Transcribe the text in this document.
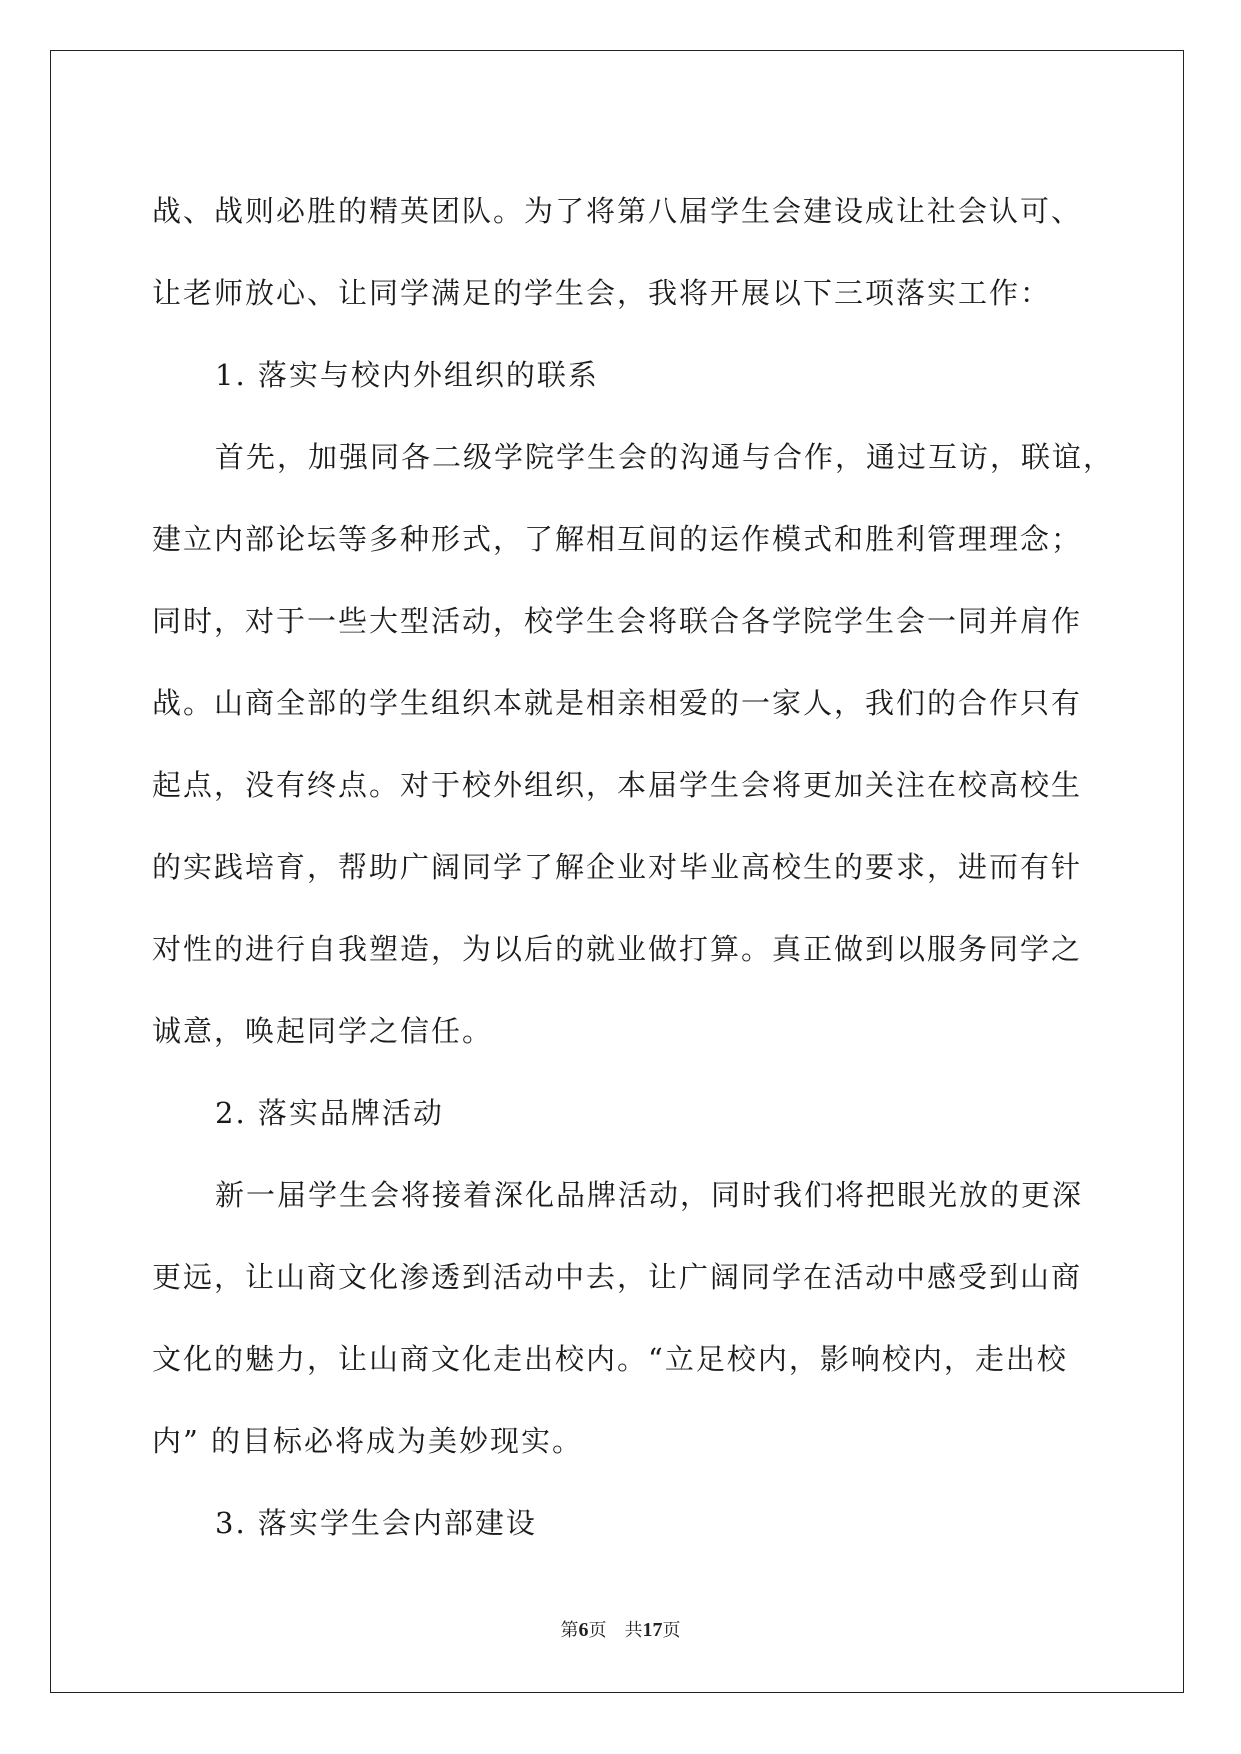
战、战则必胜的精英团队。为了将第八届学生会建设成让社会认可、
让老师放心、让同学满足的学生会，我将开展以下三项落实工作：
1. 落实与校内外组织的联系
首先，加强同各二级学院学生会的沟通与合作，通过互访，联谊，
建立内部论坛等多种形式，了解相互间的运作模式和胜利管理理念；
同时，对于一些大型活动，校学生会将联合各学院学生会一同并肩作
战。山商全部的学生组织本就是相亲相爱的一家人，我们的合作只有
起点，没有终点。对于校外组织，本届学生会将更加关注在校高校生
的实践培育，帮助广阔同学了解企业对毕业高校生的要求，进而有针
对性的进行自我塑造，为以后的就业做打算。真正做到以服务同学之
诚意，唤起同学之信任。
2. 落实品牌活动
新一届学生会将接着深化品牌活动，同时我们将把眼光放的更深
更远，让山商文化渗透到活动中去，让广阔同学在活动中感受到山商
文化的魅力，让山商文化走出校内。“立足校内，影响校内，走出校
内” 的目标必将成为美妙现实。
3. 落实学生会内部建设
第6页 共17页
